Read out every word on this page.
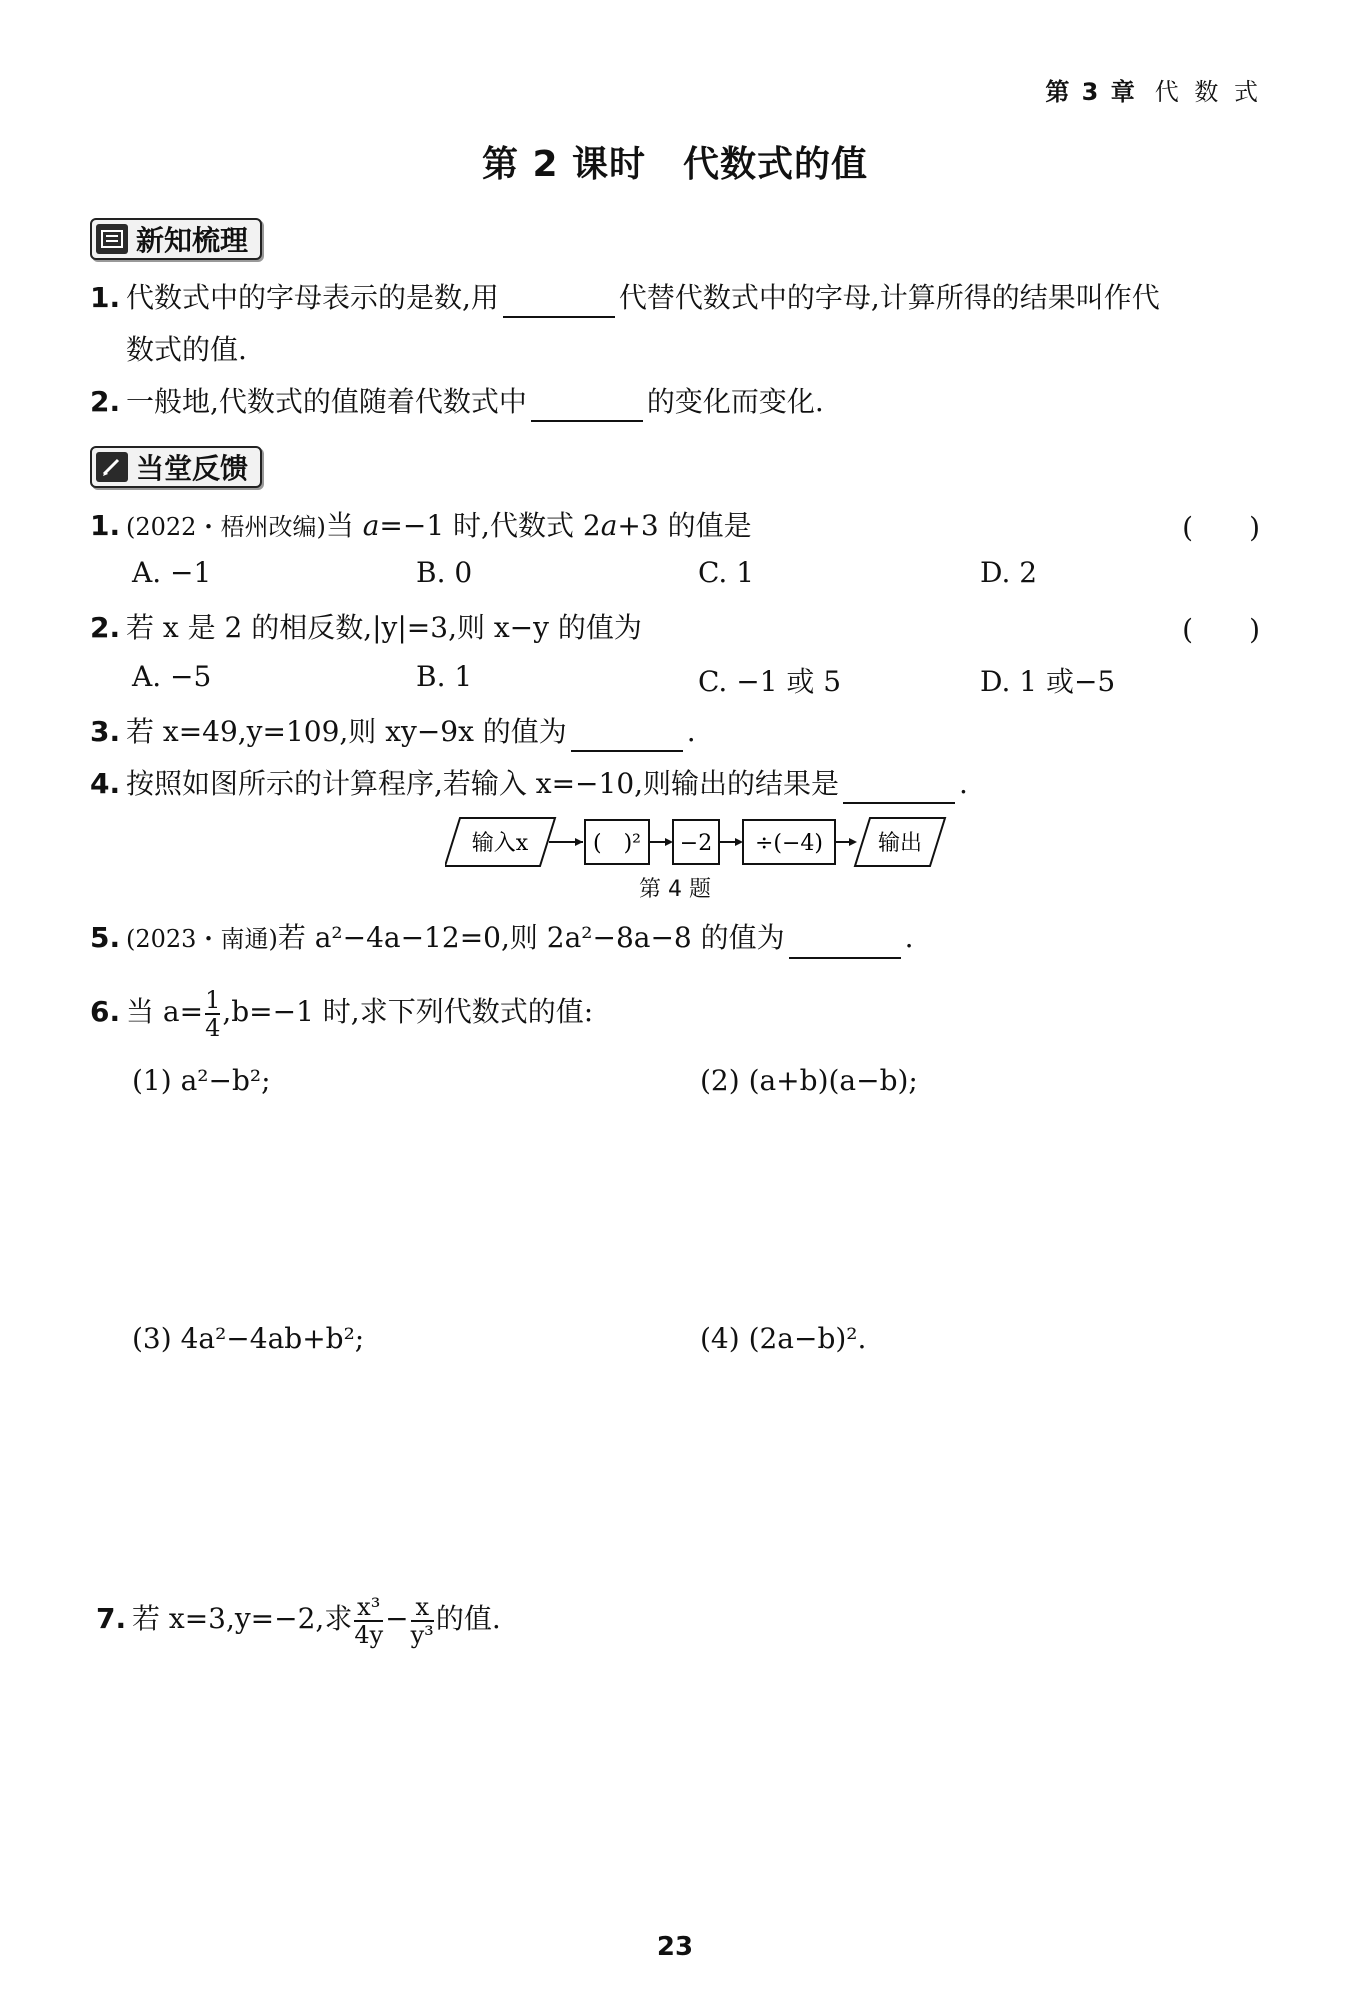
第 3 章 代 数 式
第 2 课时　代数式的值
新知梳理
1. 代数式中的字母表示的是数,用	代替代数式中的字母,计算所得的结果叫作代
数式的值.
2. 一般地,代数式的值随着代数式中	的变化而变化.
当堂反馈
1. (2022・梧州改编)当 a=−1 时,代数式 2a+3 的值是	(　　)
A. −1	B. 0	C. 1	D. 2
2. 若 x 是 2 的相反数,|y|=3,则 x−y 的值为	(　　)
A. −5	B. 1	C. −1 或 5	D. 1 或−5
3. 若 x=49,y=109,则 xy−9x 的值为	.
4. 按照如图所示的计算程序,若输入 x=−10,则输出的结果是	.
输入x	(　)² −2 ÷(−4) 输出
第 4 题
5. (2023・南通)若 a²−4a−12=0,则 2a²−8a−8 的值为	.
6. 当 $a= \frac{1}{4} ,b=-1$ 时,求下列代数式的值:
(1) a²−b²;	(2) (a+b)(a−b);
(3) 4a²−4ab+b²;	(4) (2a−b)².
7. 若 x=3,y=−2,求 $\frac{\text{x³}}{4y} - \frac{x}{\text{y³}}$ 的值.
23
